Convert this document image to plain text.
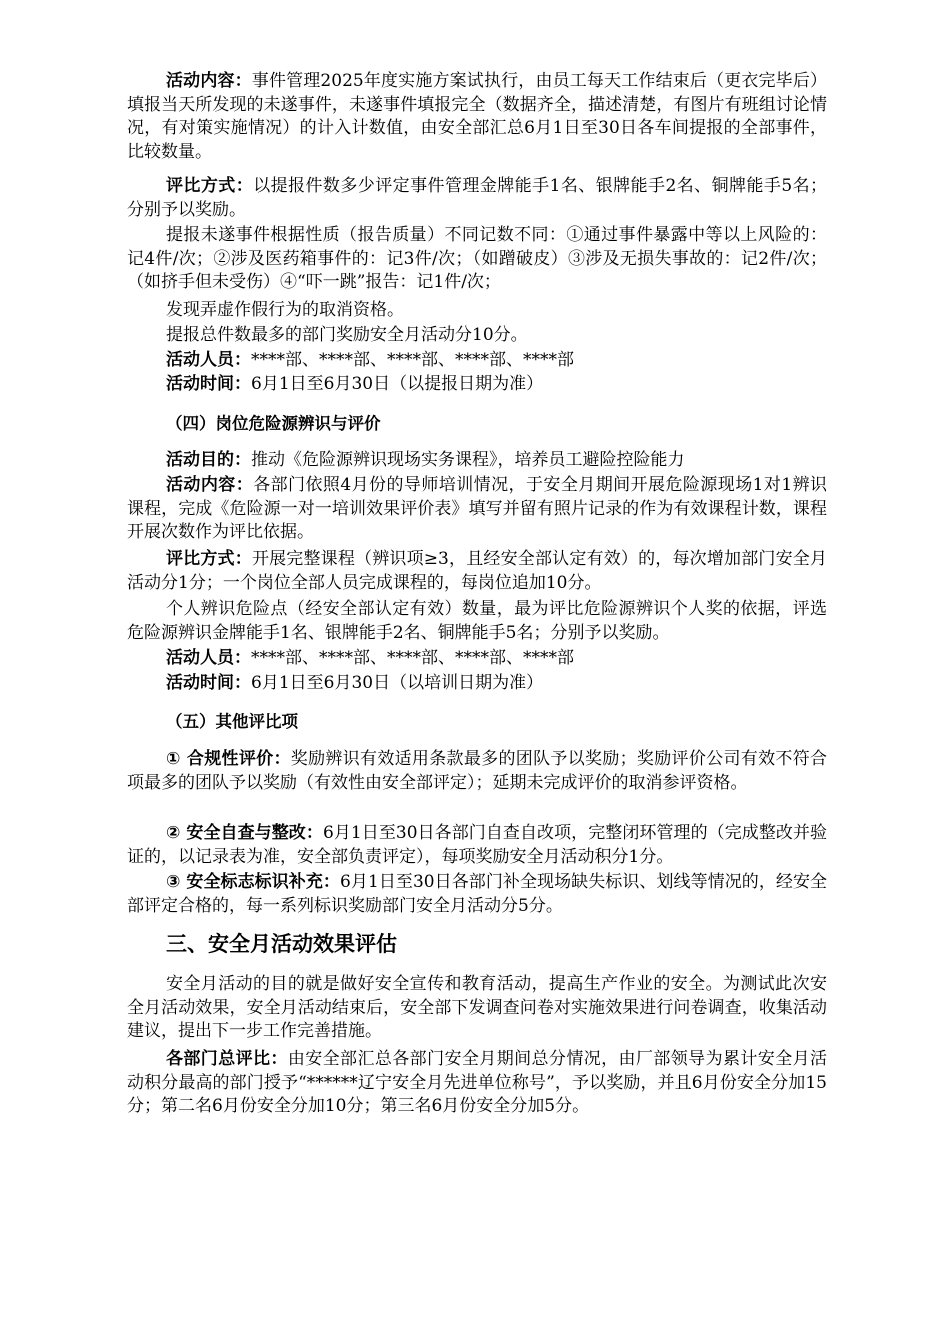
活动内容：事件管理2025年度实施方案试执行，由员工每天工作结束后（更衣完毕后）填报当天所发现的未遂事件，未遂事件填报完全（数据齐全，描述清楚，有图片有班组讨论情况，有对策实施情况）的计入计数值，由安全部汇总6月1日至30日各车间提报的全部事件，比较数量。

评比方式：以提报件数多少评定事件管理金牌能手1名、银牌能手2名、铜牌能手5名；分别予以奖励。

提报未遂事件根据性质（报告质量）不同记数不同：①通过事件暴露中等以上风险的：记4件/次；②涉及医药箱事件的：记3件/次；（如蹭破皮）③涉及无损失事故的：记2件/次；（如挤手但未受伤）④“吓一跳”报告：记1件/次；

发现弄虚作假行为的取消资格。

提报总件数最多的部门奖励安全月活动分10分。

活动人员：****部、****部、****部、****部、****部

活动时间：6月1日至6月30日（以提报日期为准）

（四）岗位危险源辨识与评价

活动目的：推动《危险源辨识现场实务课程》，培养员工避险控险能力

活动内容：各部门依照4月份的导师培训情况，于安全月期间开展危险源现场1对1辨识课程，完成《危险源一对一培训效果评价表》填写并留有照片记录的作为有效课程计数，课程开展次数作为评比依据。

评比方式：开展完整课程（辨识项≥3，且经安全部认定有效）的，每次增加部门安全月活动分1分；一个岗位全部人员完成课程的，每岗位追加10分。

个人辨识危险点（经安全部认定有效）数量，最为评比危险源辨识个人奖的依据，评选危险源辨识金牌能手1名、银牌能手2名、铜牌能手5名；分别予以奖励。

活动人员：****部、****部、****部、****部、****部

活动时间：6月1日至6月30日（以培训日期为准）

（五）其他评比项

① 合规性评价：奖励辨识有效适用条款最多的团队予以奖励；奖励评价公司有效不符合项最多的团队予以奖励（有效性由安全部评定）；延期未完成评价的取消参评资格。

② 安全自查与整改：6月1日至30日各部门自查自改项，完整闭环管理的（完成整改并验证的，以记录表为准，安全部负责评定），每项奖励安全月活动积分1分。

③ 安全标志标识补充：6月1日至30日各部门补全现场缺失标识、划线等情况的，经安全部评定合格的，每一系列标识奖励部门安全月活动分5分。

三、安全月活动效果评估

安全月活动的目的就是做好安全宣传和教育活动，提高生产作业的安全。为测试此次安全月活动效果，安全月活动结束后，安全部下发调查问卷对实施效果进行问卷调查，收集活动建议，提出下一步工作完善措施。

各部门总评比：由安全部汇总各部门安全月期间总分情况，由厂部领导为累计安全月活动积分最高的部门授予“******辽宁安全月先进单位称号”，予以奖励，并且6月份安全分加15分；第二名6月份安全分加10分；第三名6月份安全分加5分。
